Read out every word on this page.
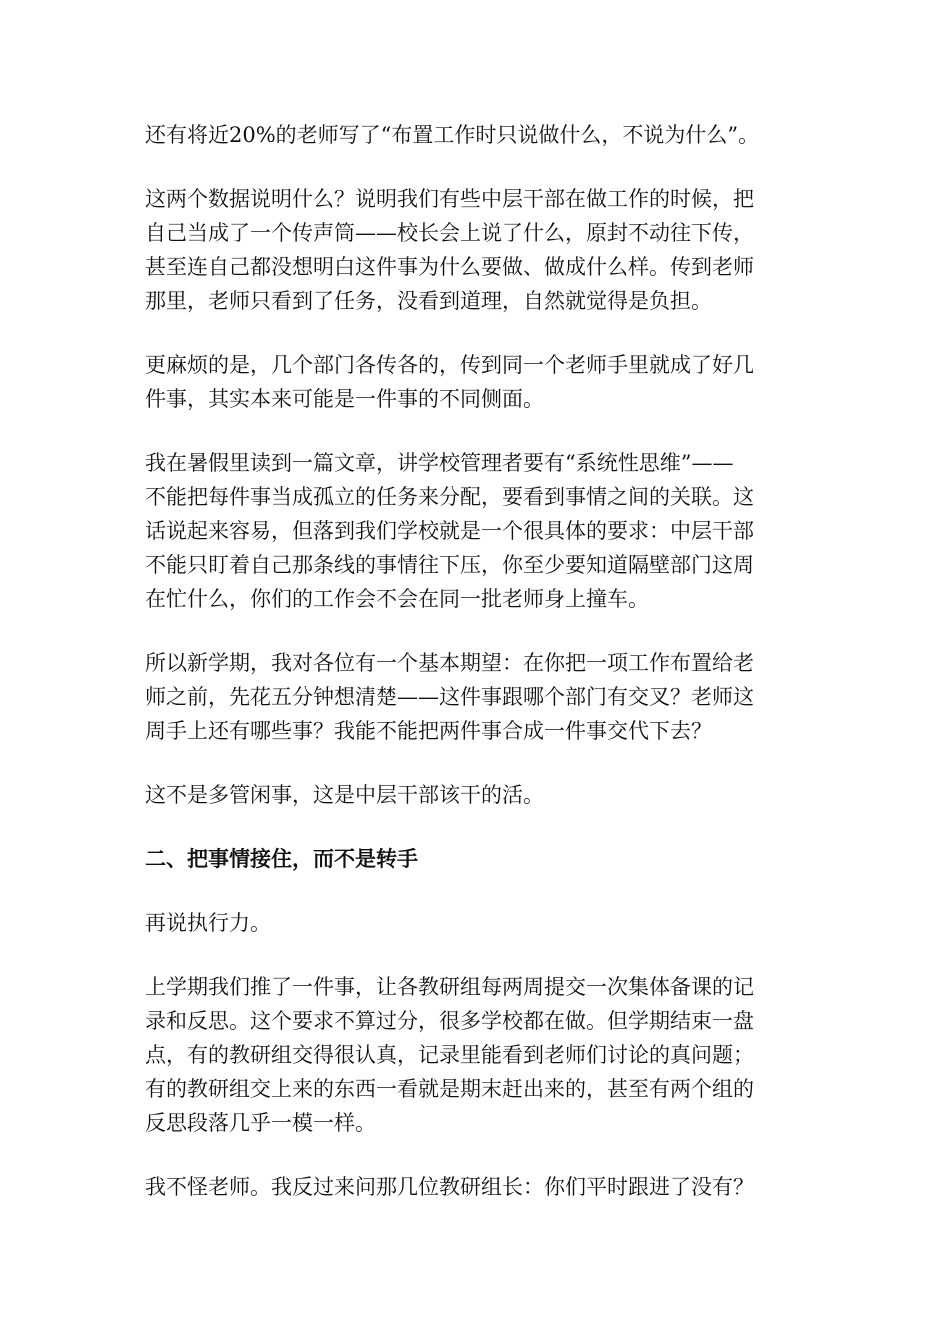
还有将近20%的老师写了“布置工作时只说做什么，不说为什么”。

这两个数据说明什么？说明我们有些中层干部在做工作的时候，把
自己当成了一个传声筒——校长会上说了什么，原封不动往下传，
甚至连自己都没想明白这件事为什么要做、做成什么样。传到老师
那里，老师只看到了任务，没看到道理，自然就觉得是负担。

更麻烦的是，几个部门各传各的，传到同一个老师手里就成了好几
件事，其实本来可能是一件事的不同侧面。

我在暑假里读到一篇文章，讲学校管理者要有“系统性思维”——
不能把每件事当成孤立的任务来分配，要看到事情之间的关联。这
话说起来容易，但落到我们学校就是一个很具体的要求：中层干部
不能只盯着自己那条线的事情往下压，你至少要知道隔壁部门这周
在忙什么，你们的工作会不会在同一批老师身上撞车。

所以新学期，我对各位有一个基本期望：在你把一项工作布置给老
师之前，先花五分钟想清楚——这件事跟哪个部门有交叉？老师这
周手上还有哪些事？我能不能把两件事合成一件事交代下去？

这不是多管闲事，这是中层干部该干的活。

二、把事情接住，而不是转手

再说执行力。

上学期我们推了一件事，让各教研组每两周提交一次集体备课的记
录和反思。这个要求不算过分，很多学校都在做。但学期结束一盘
点，有的教研组交得很认真，记录里能看到老师们讨论的真问题；
有的教研组交上来的东西一看就是期末赶出来的，甚至有两个组的
反思段落几乎一模一样。

我不怪老师。我反过来问那几位教研组长：你们平时跟进了没有？
